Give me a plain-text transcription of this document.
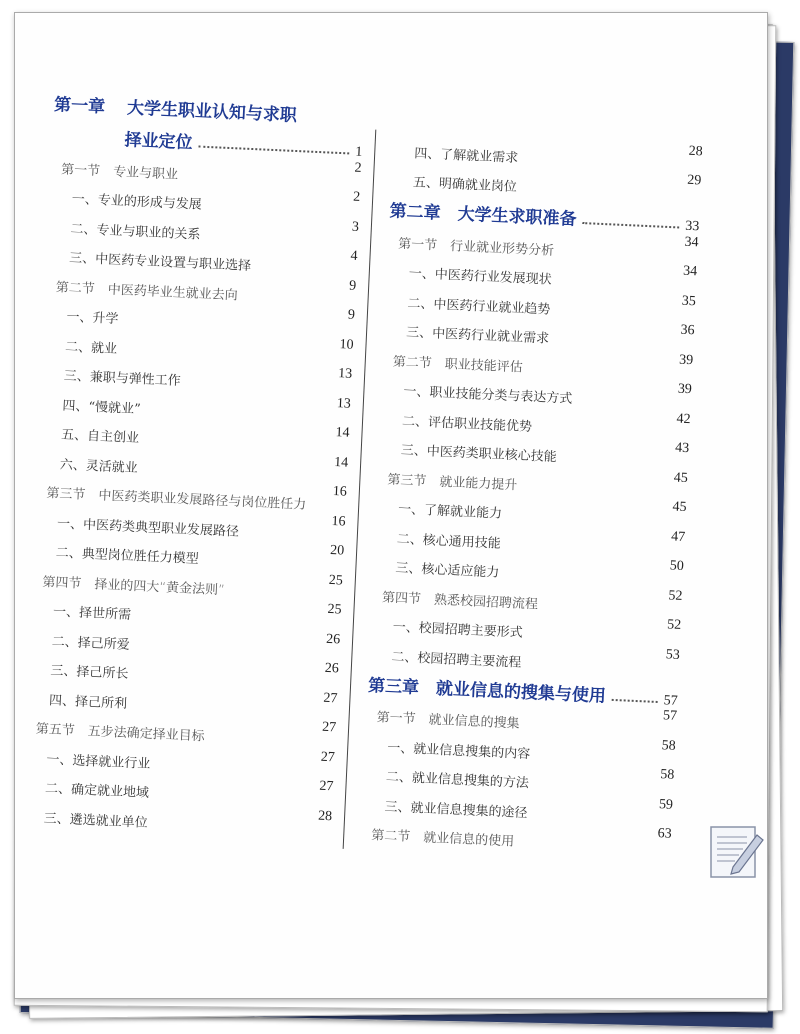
第一章 大学生职业认知与求职
择业定位	1
第一节　专业与职业	2
一、专业的形成与发展	2
二、专业与职业的关系	3
三、中医药专业设置与职业选择	4
第二节　中医药毕业生就业去向	9
一、升学	9
二、就业	10
三、兼职与弹性工作	13
四、“慢就业”	13
五、自主创业	14
六、灵活就业	14
第三节　中医药类职业发展路径与岗位胜任力 16
一、中医药类典型职业发展路径	16
二、典型岗位胜任力模型	20
第四节　择业的四大“黄金法则”	25
一、择世所需	25
二、择己所爱	26
三、择己所长	26
四、择己所利	27
第五节　五步法确定择业目标	27
一、选择就业行业	27
二、确定就业地域	27
三、遴选就业单位	28
四、了解就业需求	28
五、明确就业岗位	29
第二章　大学生求职准备	33
第一节　行业就业形势分析	34
一、中医药行业发展现状	34
二、中医药行业就业趋势	35
三、中医药行业就业需求	36
第二节　职业技能评估	39
一、职业技能分类与表达方式	39
二、评估职业技能优势	42
三、中医药类职业核心技能	43
第三节　就业能力提升	45
一、了解就业能力	45
二、核心通用技能	47
三、核心适应能力	50
第四节　熟悉校园招聘流程	52
一、校园招聘主要形式	52
二、校园招聘主要流程	53
第三章　就业信息的搜集与使用	57
第一节　就业信息的搜集	57
一、就业信息搜集的内容	58
二、就业信息搜集的方法	58
三、就业信息搜集的途径	59
第二节　就业信息的使用	63
